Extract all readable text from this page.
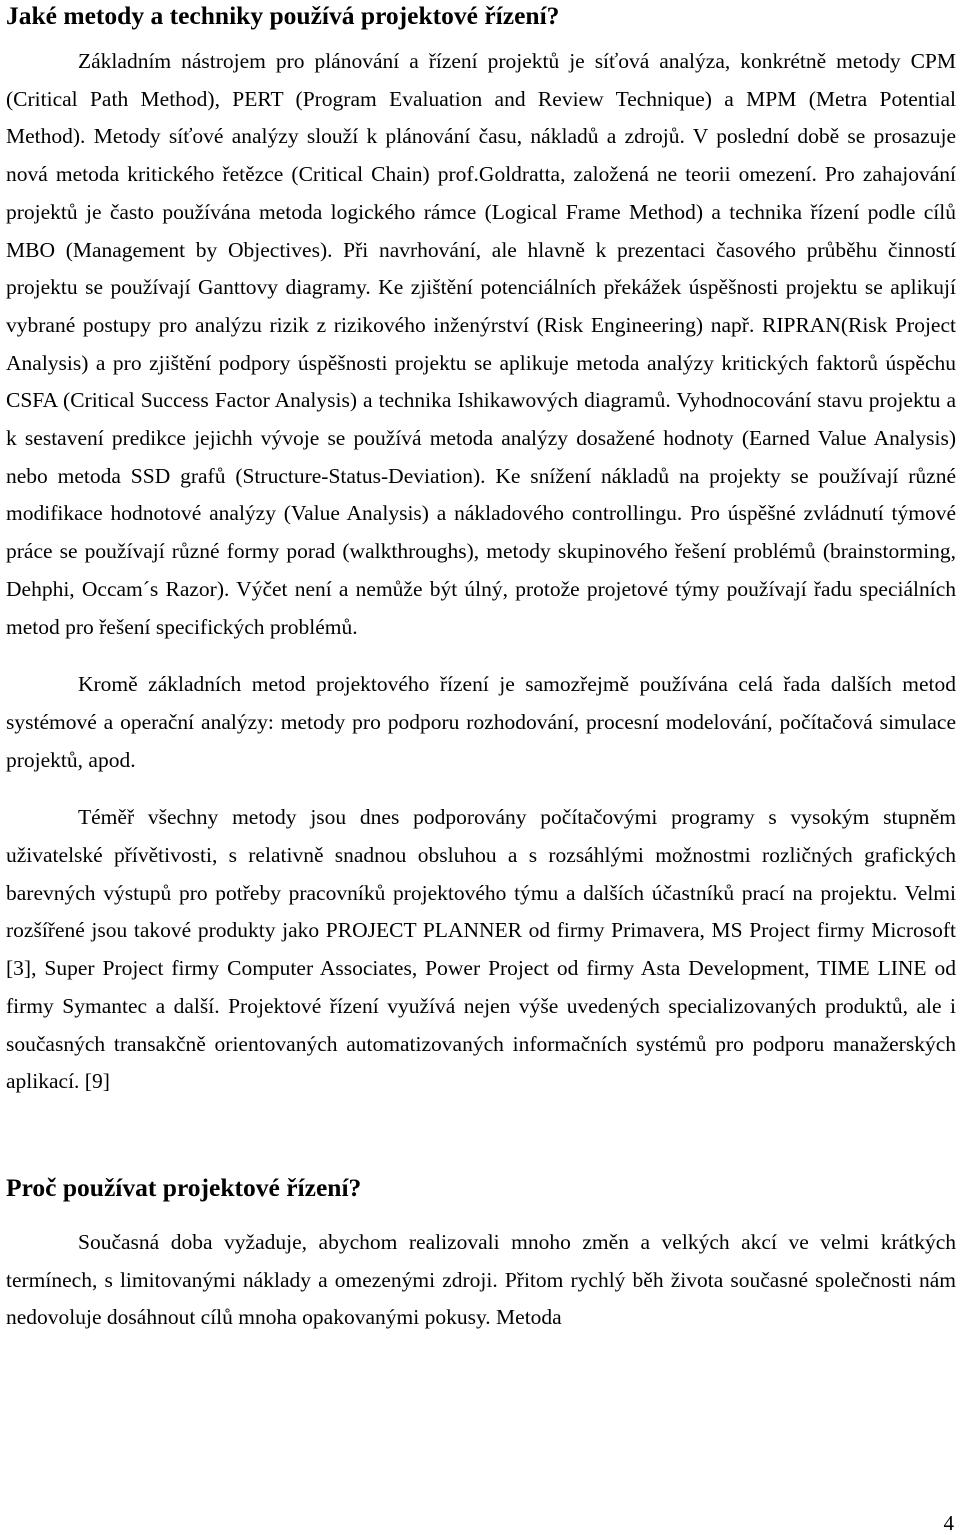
Jaké metody a techniky používá projektové řízení?

Základním nástrojem pro plánování a řízení projektů je síťová analýza, konkrétně metody CPM (Critical Path Method), PERT (Program Evaluation and Review Technique) a MPM (Metra Potential Method). Metody síťové analýzy slouží k plánování času, nákladů a zdrojů. V poslední době se prosazuje nová metoda kritického řetězce (Critical Chain) prof.Goldratta, založená ne teorii omezení. Pro zahajování projektů je často používána metoda logického rámce (Logical Frame Method) a technika řízení podle cílů MBO (Management by Objectives). Při navrhování, ale hlavně k prezentaci časového průběhu činností projektu se používají Ganttovy diagramy. Ke zjištění potenciálních překážek úspěšnosti projektu se aplikují vybrané postupy pro analýzu rizik z rizikového inženýrství (Risk Engineering) např. RIPRAN(Risk Project Analysis) a pro zjištění podpory úspěšnosti projektu se aplikuje metoda analýzy kritických faktorů úspěchu CSFA (Critical Success Factor Analysis) a technika Ishikawových diagramů. Vyhodnocování stavu projektu a k sestavení predikce jejichh vývoje se používá metoda analýzy dosažené hodnoty (Earned Value Analysis) nebo metoda SSD grafů (Structure-Status-Deviation). Ke snížení nákladů na projekty se používají různé modifikace hodnotové analýzy (Value Analysis) a nákladového controllingu. Pro úspěšné zvládnutí týmové práce se používají různé formy porad (walkthroughs), metody skupinového řešení problémů (brainstorming, Dehphi, Occam´s Razor). Výčet není a nemůže být úlný, protože projetové týmy používají řadu speciálních metod pro řešení specifických problémů.

Kromě základních metod projektového řízení je samozřejmě používána celá řada dalších metod systémové a operační analýzy: metody pro podporu rozhodování, procesní modelování, počítačová simulace projektů, apod.

Téměř všechny metody jsou dnes podporovány počítačovými programy s vysokým stupněm uživatelské přívětivosti, s relativně snadnou obsluhou a s rozsáhlými možnostmi rozličných grafických barevných výstupů pro potřeby pracovníků projektového týmu a dalších účastníků prací na projektu. Velmi rozšířené jsou takové produkty jako PROJECT PLANNER od firmy Primavera, MS Project firmy Microsoft [3], Super Project firmy Computer Associates, Power Project od firmy Asta Development, TIME LINE od firmy Symantec a další. Projektové řízení využívá nejen výše uvedených specializovaných produktů, ale i současných transakčně orientovaných automatizovaných informačních systémů pro podporu manažerských aplikací. [9]

Proč používat projektové řízení?

Současná doba vyžaduje, abychom realizovali mnoho změn a velkých akcí ve velmi krátkých termínech, s limitovanými náklady a omezenými zdroji. Přitom rychlý běh života současné společnosti nám nedovoluje dosáhnout cílů mnoha opakovanými pokusy. Metoda

4
